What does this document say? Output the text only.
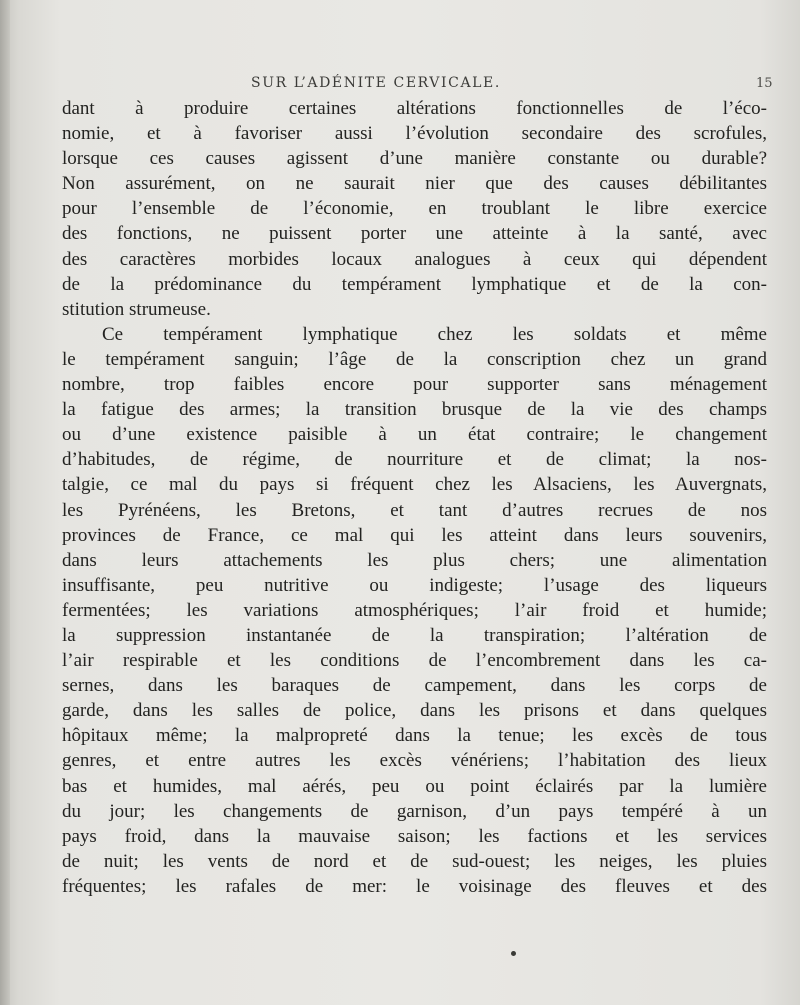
SUR L’ADÉNITE CERVICALE.	15
dant à produire certaines altérations fonctionnelles de l’éco-
nomie, et à favoriser aussi l’évolution secondaire des scrofules,
lorsque ces causes agissent d’une manière constante ou durable?
Non assurément, on ne saurait nier que des causes débilitantes
pour l’ensemble de l’économie, en troublant le libre exercice
des fonctions, ne puissent porter une atteinte à la santé, avec
des caractères morbides locaux analogues à ceux qui dépendent
de la prédominance du tempérament lymphatique et de la con-
stitution strumeuse.
Ce tempérament lymphatique chez les soldats et même
le tempérament sanguin; l’âge de la conscription chez un grand
nombre, trop faibles encore pour supporter sans ménagement
la fatigue des armes; la transition brusque de la vie des champs
ou d’une existence paisible à un état contraire; le changement
d’habitudes, de régime, de nourriture et de climat; la nos-
talgie, ce mal du pays si fréquent chez les Alsaciens, les Auvergnats,
les Pyrénéens, les Bretons, et tant d’autres recrues de nos
provinces de France, ce mal qui les atteint dans leurs souvenirs,
dans leurs attachements les plus chers; une alimentation
insuffisante, peu nutritive ou indigeste; l’usage des liqueurs
fermentées; les variations atmosphériques; l’air froid et humide;
la suppression instantanée de la transpiration; l’altération de
l’air respirable et les conditions de l’encombrement dans les ca-
sernes, dans les baraques de campement, dans les corps de
garde, dans les salles de police, dans les prisons et dans quelques
hôpitaux même; la malpropreté dans la tenue; les excès de tous
genres, et entre autres les excès vénériens; l’habitation des lieux
bas et humides, mal aérés, peu ou point éclairés par la lumière
du jour; les changements de garnison, d’un pays tempéré à un
pays froid, dans la mauvaise saison; les factions et les services
de nuit; les vents de nord et de sud-ouest; les neiges, les pluies
fréquentes; les rafales de mer: le voisinage des fleuves et des
